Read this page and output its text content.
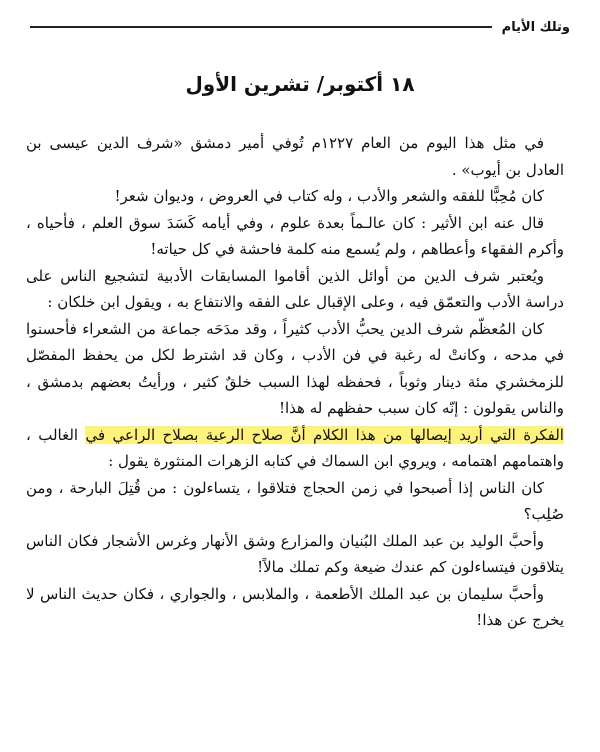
وتلك الأيام
١٨ أكتوبر/ تشرين الأول

في مثل هذا اليوم من العام ١٢٢٧م تُوفي أمير دمشق «شرف الدين عيسى بن العادل بن أيوب» .

كان مُحِبًّا للفقه والشعر والأدب ، وله كتاب في العروض ، وديوان شعر!

قال عنه ابن الأثير : كان عالـماً بعدة علوم ، وفي أيامه كَسَدَ سوق العلم ، فأحياه ، وأكرم الفقهاء وأعطاهم ، ولم يُسمع منه كلمة فاحشة في كل حياته!

ويُعتبر شرف الدين من أوائل الذين أقاموا المسابقات الأدبية لتشجيع الناس على دراسة الأدب والتعمّق فيه ، وعلى الإقبال على الفقه والانتفاع به ، ويقول ابن خلكان :

كان المُعظّم شرف الدين يحبُّ الأدب كثيراً ، وقد مدَحَه جماعة من الشعراء فأحسنوا في مدحه ، وكانتْ له رغبة في فن الأدب ، وكان قد اشترط لكل من يحفظ المفصّل للزمخشري مئة دينار وثوباً ، فحفظه لهذا السبب خلقٌ كثير ، ورأيتُ بعضهم بدمشق ، والناس يقولون : إنّه كان سبب حفظهم له هذا!

الفكرة التي أريد إيصالها من هذا الكلام أنَّ صلاح الرعية بصلاح الراعي في الغالب ، واهتمامهم اهتمامه ، ويروي ابن السماك في كتابه الزهرات المنثورة يقول :

كان الناس إذا أصبحوا في زمن الحجاج فتلاقوا ، يتساءلون : من قُتِلَ البارحة ، ومن صُلِب؟

وأحبَّ الوليد بن عبد الملك البُنيان والمزارع وشق الأنهار وغرس الأشجار فكان الناس يتلاقون فيتساءلون كم عندك ضيعة وكم تملك مالاً!

وأحبَّ سليمان بن عبد الملك الأطعمة ، والملابس ، والجواري ، فكان حديث الناس لا يخرج عن هذا!
